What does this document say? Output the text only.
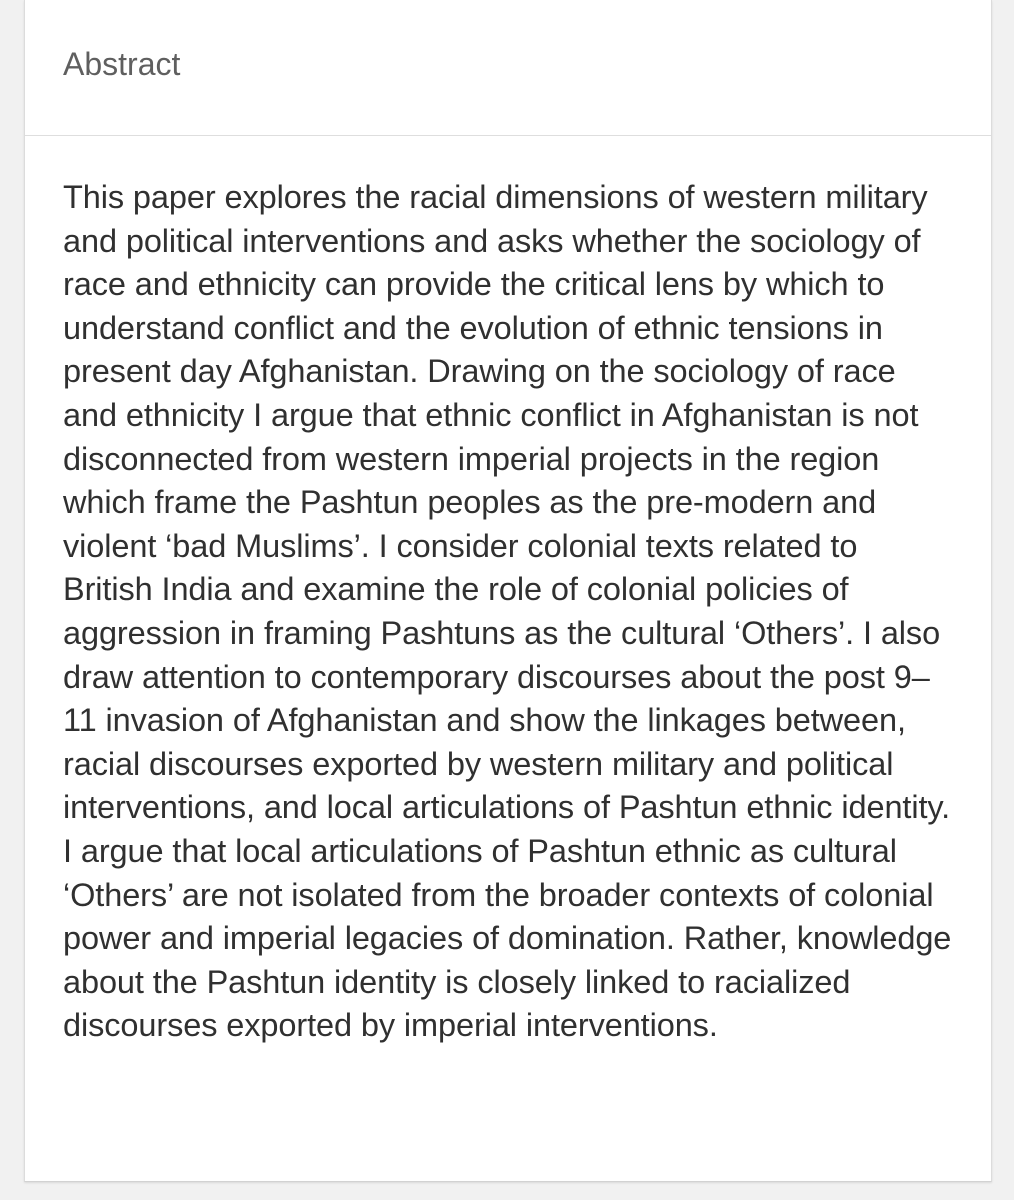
Abstract

This paper explores the racial dimensions of western military and political interventions and asks whether the sociology of race and ethnicity can provide the critical lens by which to understand conflict and the evolution of ethnic tensions in present day Afghanistan. Drawing on the sociology of race and ethnicity I argue that ethnic conflict in Afghanistan is not disconnected from western imperial projects in the region which frame the Pashtun peoples as the pre-modern and violent ‘bad Muslims’. I consider colonial texts related to British India and examine the role of colonial policies of aggression in framing Pashtuns as the cultural ‘Others’. I also draw attention to contemporary discourses about the post 9–11 invasion of Afghanistan and show the linkages between, racial discourses exported by western military and political interventions, and local articulations of Pashtun ethnic identity. I argue that local articulations of Pashtun ethnic as cultural ‘Others’ are not isolated from the broader contexts of colonial power and imperial legacies of domination. Rather, knowledge about the Pashtun identity is closely linked to racialized discourses exported by imperial interventions.
